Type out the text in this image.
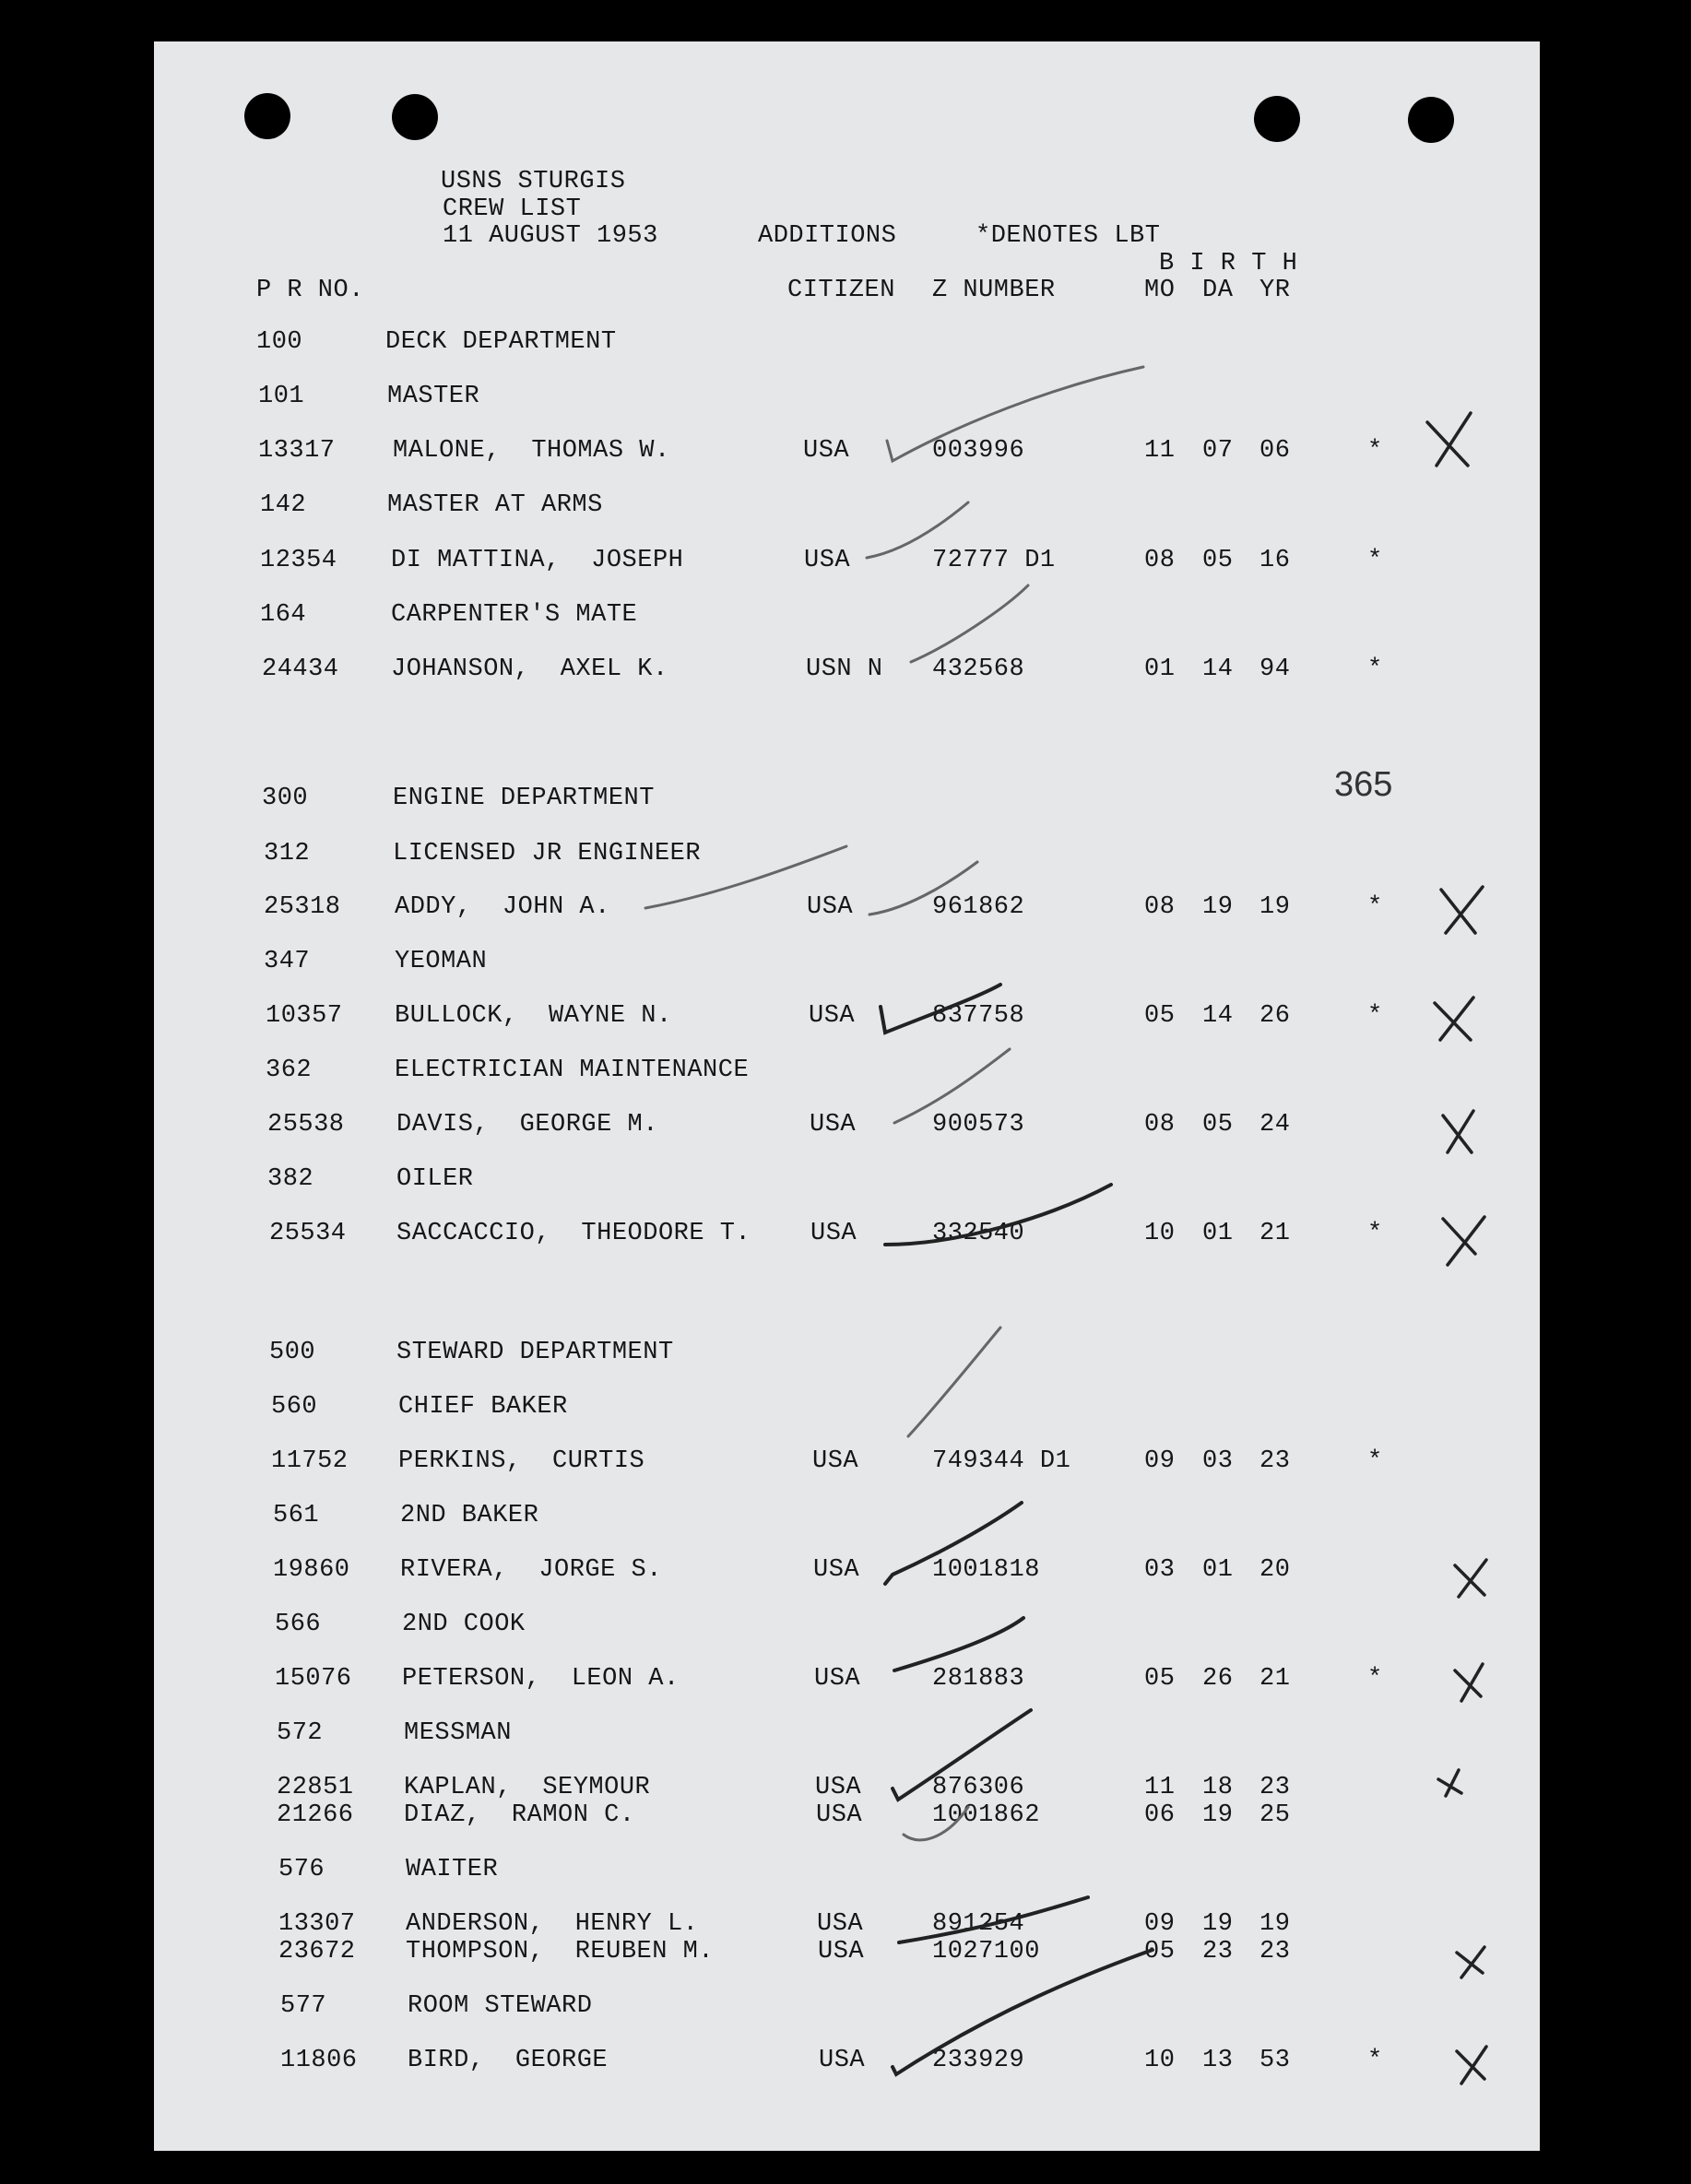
USNS STURGIS
CREW LIST
11 AUGUST 1953	ADDITIONS	*DENOTES LBT
B I R T H
P R NO.	CITIZEN Z NUMBER	MO DA YR
100	DECK DEPARTMENT
101	MASTER
13317 MALONE,  THOMAS W.	USA	003996	11 07 06	*
142	MASTER AT ARMS
12354 DI MATTINA,  JOSEPH	USA	72777 D1	08 05 16	*
164	CARPENTER'S MATE
24434 JOHANSON,  AXEL K.	USN N 432568	01 14 94	*
300	ENGINE DEPARTMENT
312	LICENSED JR ENGINEER
25318 ADDY,  JOHN A.	USA	961862	08 19 19	*
347	YEOMAN
10357 BULLOCK,  WAYNE N.	USA	837758	05 14 26	*
362	ELECTRICIAN MAINTENANCE
25538 DAVIS,  GEORGE M.	USA	900573	08 05 24
382	OILER
25534 SACCACCIO,  THEODORE T. USA	332540	10 01 21	*
500	STEWARD DEPARTMENT
560	CHIEF BAKER
11752 PERKINS,  CURTIS	USA	749344 D1	09 03 23	*
561	2ND BAKER
19860 RIVERA,  JORGE S.	USA	1001818	03 01 20
566	2ND COOK
15076 PETERSON,  LEON A.	USA	281883	05 26 21	*
572	MESSMAN
22851 KAPLAN,  SEYMOUR	USA	876306	11 18 23
21266 DIAZ,  RAMON C.	USA	1001862	06 19 25
576	WAITER
13307 ANDERSON,  HENRY L.	USA	891254	09 19 19
23672 THOMPSON,  REUBEN M.	USA	1027100	05 23 23
577	ROOM STEWARD
11806 BIRD,  GEORGE	USA	233929	10 13 53	*
365
